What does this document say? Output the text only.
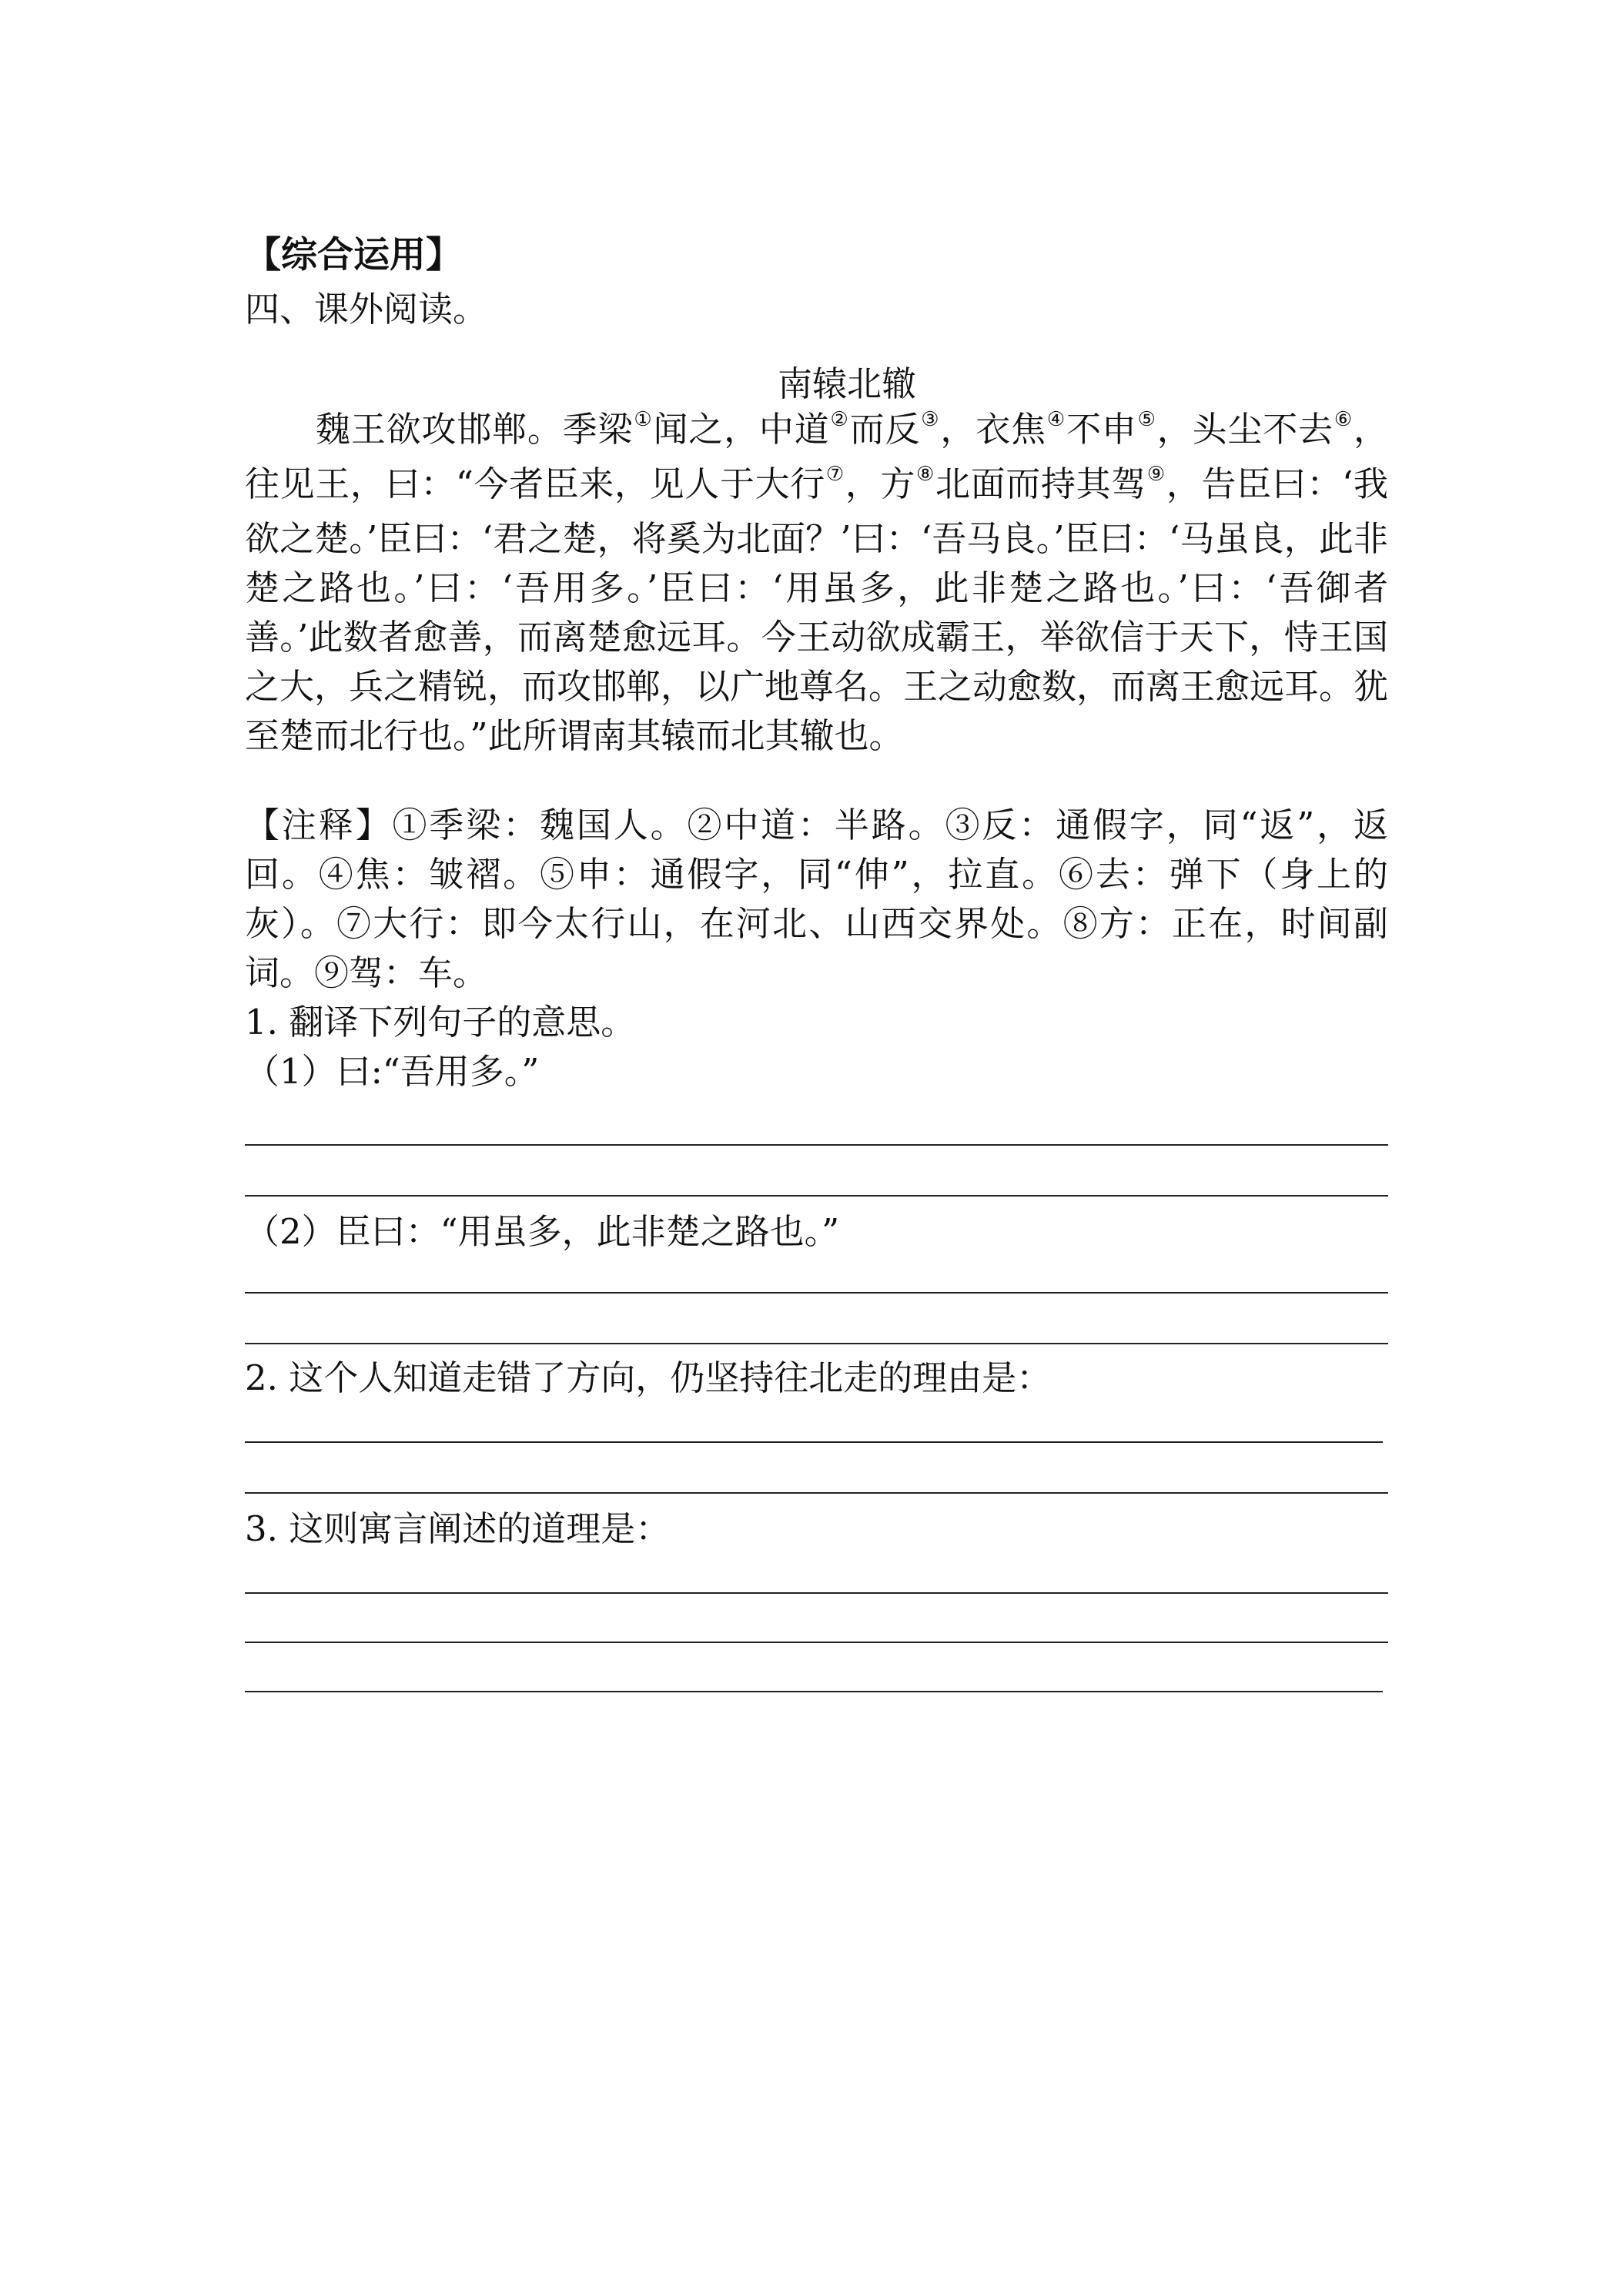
【综合运用】
四、课外阅读。
南辕北辙
魏王欲攻邯郸。季梁①闻之，中道②而反③，衣焦④不申⑤，头尘不去⑥，往见王，曰：“今者臣来，见人于大行⑦，方⑧北面而持其驾⑨，告臣曰：‘我欲之楚。’臣曰：‘君之楚，将奚为北面？’曰：‘吾马良。’臣曰：‘马虽良，此非楚之路也。’曰：‘吾用多。’臣曰：‘用虽多，此非楚之路也。’曰：‘吾御者善。’此数者愈善，而离楚愈远耳。今王动欲成霸王，举欲信于天下，恃王国之大，兵之精锐，而攻邯郸，以广地尊名。王之动愈数，而离王愈远耳。犹至楚而北行也。”此所谓南其辕而北其辙也。
【注释】①季梁：魏国人。②中道：半路。③反：通假字，同“返”，返回。④焦：皱褶。⑤申：通假字，同“伸”，拉直。⑥去：弹下（身上的灰）。⑦大行：即今太行山，在河北、山西交界处。⑧方：正在，时间副词。⑨驾：车。
1. 翻译下列句子的意思。
（1）曰:“吾用多。”
（2）臣曰：“用虽多，此非楚之路也。”
2. 这个人知道走错了方向，仍坚持往北走的理由是：
3. 这则寓言阐述的道理是：
